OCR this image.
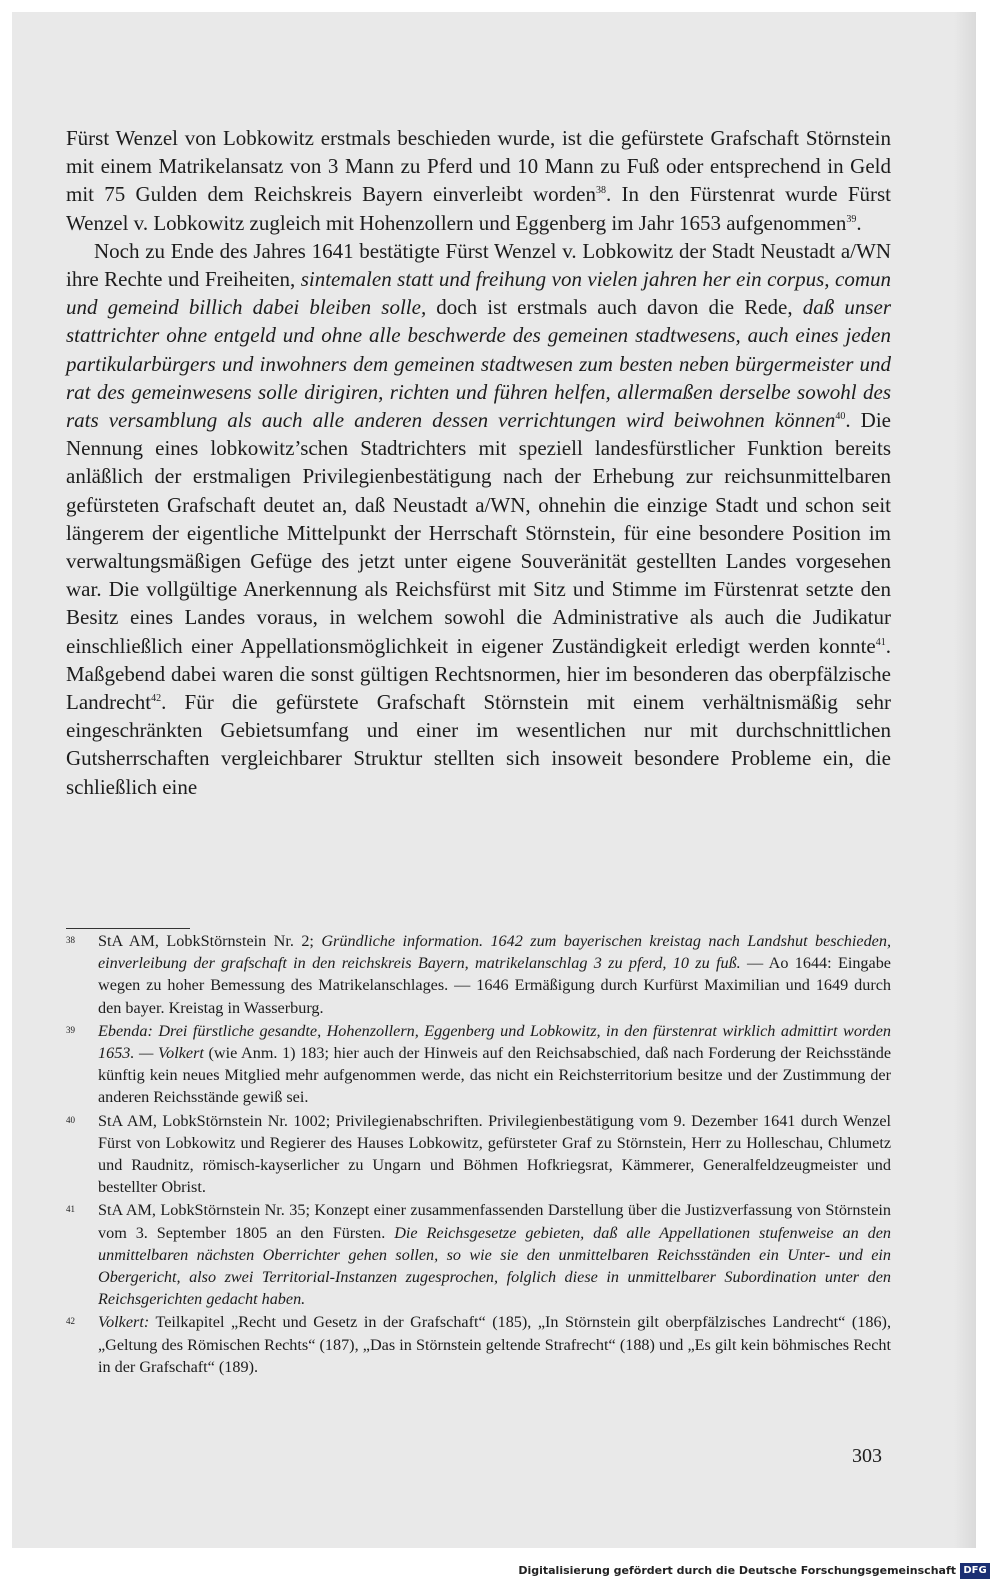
Fürst Wenzel von Lobkowitz erstmals beschieden wurde, ist die gefürstete Grafschaft Störnstein mit einem Matrikelansatz von 3 Mann zu Pferd und 10 Mann zu Fuß oder entsprechend in Geld mit 75 Gulden dem Reichskreis Bayern einverleibt worden$^{38}$. In den Fürstenrat wurde Fürst Wenzel v. Lobkowitz zugleich mit Hohenzollern und Eggenberg im Jahr 1653 aufgenommen$^{39}$.

Noch zu Ende des Jahres 1641 bestätigte Fürst Wenzel v. Lobkowitz der Stadt Neustadt a/WN ihre Rechte und Freiheiten, sintemalen statt und freihung von vielen jahren her ein corpus, comun und gemeind billich dabei bleiben solle, doch ist erstmals auch davon die Rede, daß unser stattrichter ohne entgeld und ohne alle beschwerde des gemeinen stadtwesens, auch eines jeden partikularbürgers und inwohners dem gemeinen stadtwesen zum besten neben bürgermeister und rat des gemeinwesens solle dirigiren, richten und führen helfen, allermaßen derselbe sowohl des rats versamblung als auch alle anderen dessen verrichtungen wird beiwohnen können$^{40}$. Die Nennung eines lobkowitz’schen Stadtrichters mit speziell landesfürstlicher Funktion bereits anläßlich der erstmaligen Privilegienbestätigung nach der Erhebung zur reichsunmittelbaren gefürsteten Grafschaft deutet an, daß Neustadt a/WN, ohnehin die einzige Stadt und schon seit längerem der eigentliche Mittelpunkt der Herrschaft Störnstein, für eine besondere Position im verwaltungsmäßigen Gefüge des jetzt unter eigene Souveränität gestellten Landes vorgesehen war. Die vollgültige Anerkennung als Reichsfürst mit Sitz und Stimme im Fürstenrat setzte den Besitz eines Landes voraus, in welchem sowohl die Administrative als auch die Judikatur einschließlich einer Appellationsmöglichkeit in eigener Zuständigkeit erledigt werden konnte$^{41}$. Maßgebend dabei waren die sonst gültigen Rechtsnormen, hier im besonderen das oberpfälzische Landrecht$^{42}$. Für die gefürstete Grafschaft Störnstein mit einem verhältnismäßig sehr eingeschränkten Gebietsumfang und einer im wesentlichen nur mit durchschnittlichen Gutsherrschaften vergleichbarer Struktur stellten sich insoweit besondere Probleme ein, die schließlich eine

38	StA AM, LobkStörnstein Nr. 2; Gründliche information. 1642 zum bayerischen kreistag nach Landshut beschieden, einverleibung der grafschaft in den reichskreis Bayern, matrikelanschlag 3 zu pferd, 10 zu fuß. — Ao 1644: Eingabe wegen zu hoher Bemessung des Matrikelanschlages. — 1646 Ermäßigung durch Kurfürst Maximilian und 1649 durch den bayer. Kreistag in Wasserburg.
39	Ebenda: Drei fürstliche gesandte, Hohenzollern, Eggenberg und Lobkowitz, in den fürstenrat wirklich admittirt worden 1653. — Volkert (wie Anm. 1) 183; hier auch der Hinweis auf den Reichsabschied, daß nach Forderung der Reichsstände künftig kein neues Mitglied mehr aufgenommen werde, das nicht ein Reichsterritorium besitze und der Zustimmung der anderen Reichsstände gewiß sei.
40	StA AM, LobkStörnstein Nr. 1002; Privilegienabschriften. Privilegienbestätigung vom 9. Dezember 1641 durch Wenzel Fürst von Lobkowitz und Regierer des Hauses Lobkowitz, gefürsteter Graf zu Störnstein, Herr zu Holleschau, Chlumetz und Raudnitz, römisch-kayserlicher zu Ungarn und Böhmen Hofkriegsrat, Kämmerer, Generalfeldzeugmeister und bestellter Obrist.
41	StA AM, LobkStörnstein Nr. 35; Konzept einer zusammenfassenden Darstellung über die Justizverfassung von Störnstein vom 3. September 1805 an den Fürsten. Die Reichsgesetze gebieten, daß alle Appellationen stufenweise an den unmittelbaren nächsten Oberrichter gehen sollen, so wie sie den unmittelbaren Reichsständen ein Unter- und ein Obergericht, also zwei Territorial-Instanzen zugesprochen, folglich diese in unmittelbarer Subordination unter den Reichsgerichten gedacht haben.
42	Volkert: Teilkapitel „Recht und Gesetz in der Grafschaft“ (185), „In Störnstein gilt oberpfälzisches Landrecht“ (186), „Geltung des Römischen Rechts“ (187), „Das in Störnstein geltende Strafrecht“ (188) und „Es gilt kein böhmisches Recht in der Grafschaft“ (189).
303
Digitalisierung gefördert durch die Deutsche Forschungsgemeinschaft DFG
